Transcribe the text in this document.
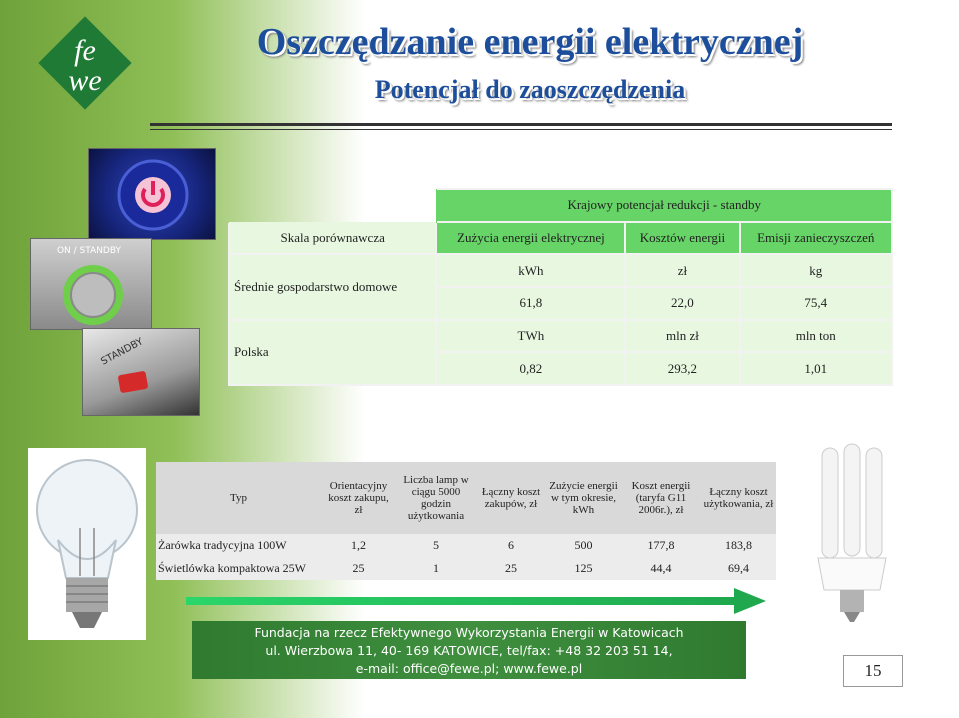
fe
we
Oszczędzanie energii elektrycznej
Potencjał do zaoszczędzenia
ON / STANDBY
STANDBY
	Krajowy potencjał redukcji - standby		
Skala porównawcza	Zużycia energii elektrycznej	Kosztów energii	Emisji zanieczyszczeń
Średnie gospodarstwo domowe	kWh	zł	kg
	61,8	22,0	75,4
Polska	TWh	mln zł	mln ton
	0,82	293,2	1,01
Typ	Orientacyjny koszt zakupu, zł	Liczba lamp w ciągu 5000 godzin użytkowania	Łączny koszt zakupów, zł	Zużycie energii w tym okresie, kWh	Koszt energii (taryfa G11 2006r.), zł	Łączny koszt użytkowania, zł
Żarówka tradycyjna 100W	1,2	5	6	500	177,8	183,8
Świetlówka kompaktowa 25W	25	1	25	125	44,4	69,4
Fundacja na rzecz Efektywnego Wykorzystania Energii w Katowicach
ul. Wierzbowa 11, 40- 169 KATOWICE, tel/fax: +48 32 203 51 14,
e-mail: office@fewe.pl; www.fewe.pl	15
